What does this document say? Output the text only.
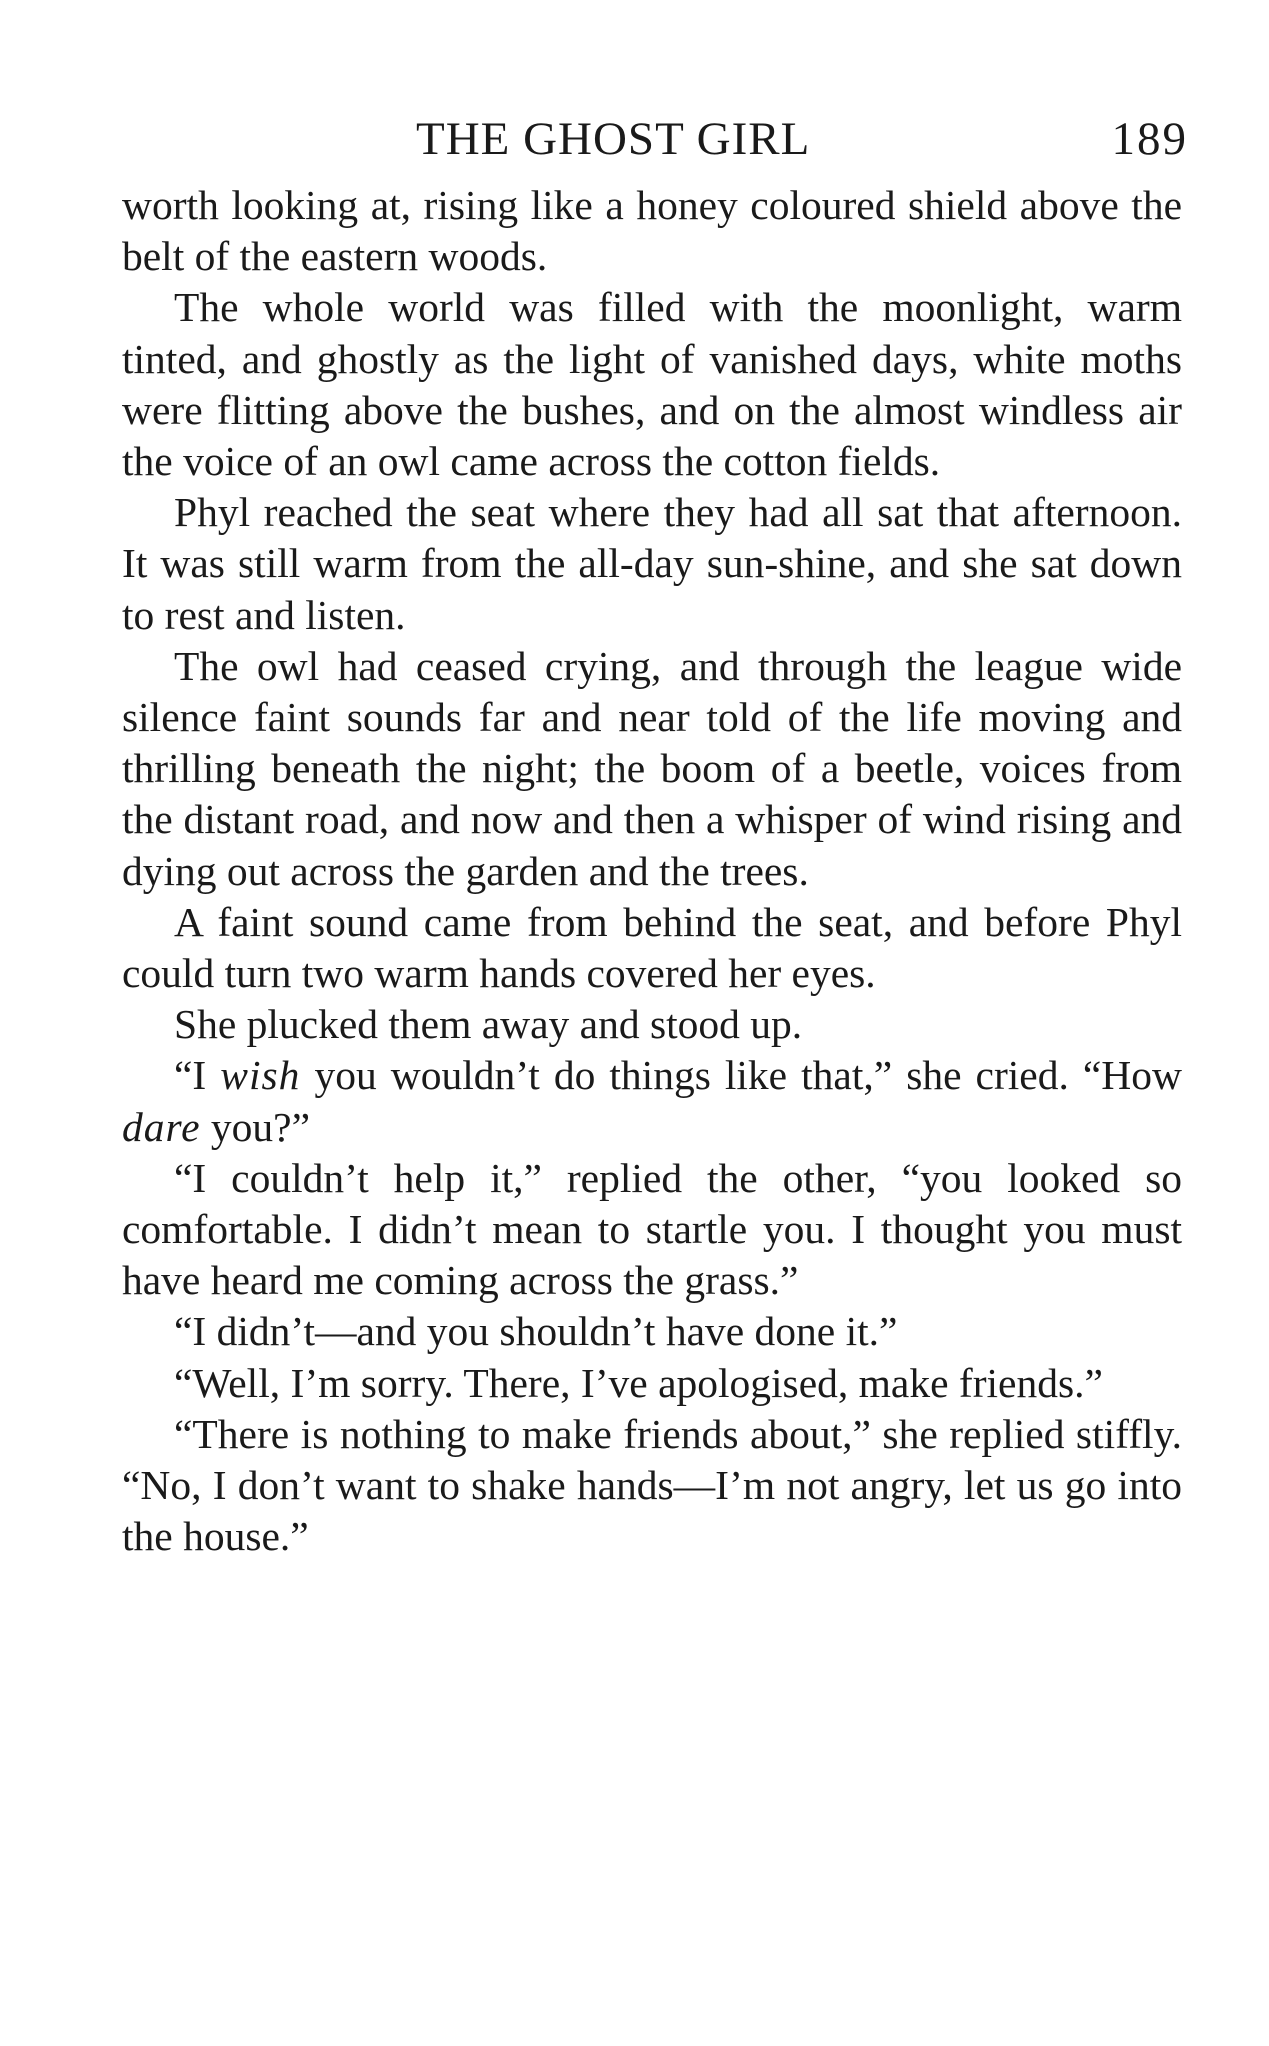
THE GHOST GIRL	189

worth looking at, rising like a honey coloured shield above the belt of the eastern woods.

The whole world was filled with the moonlight, warm tinted, and ghostly as the light of vanished days, white moths were flitting above the bushes, and on the almost windless air the voice of an owl came across the cotton fields.

Phyl reached the seat where they had all sat that afternoon. It was still warm from the all-day sun-shine, and she sat down to rest and listen.

The owl had ceased crying, and through the league wide silence faint sounds far and near told of the life moving and thrilling beneath the night; the boom of a beetle, voices from the distant road, and now and then a whisper of wind rising and dying out across the garden and the trees.

A faint sound came from behind the seat, and before Phyl could turn two warm hands covered her eyes.

She plucked them away and stood up.

“I wish you wouldn’t do things like that,” she cried. “How dare you?”

“I couldn’t help it,” replied the other, “you looked so comfortable. I didn’t mean to startle you. I thought you must have heard me coming across the grass.”

“I didn’t—and you shouldn’t have done it.”

“Well, I’m sorry. There, I’ve apologised, make friends.”

“There is nothing to make friends about,” she replied stiffly. “No, I don’t want to shake hands—I’m not angry, let us go into the house.”
